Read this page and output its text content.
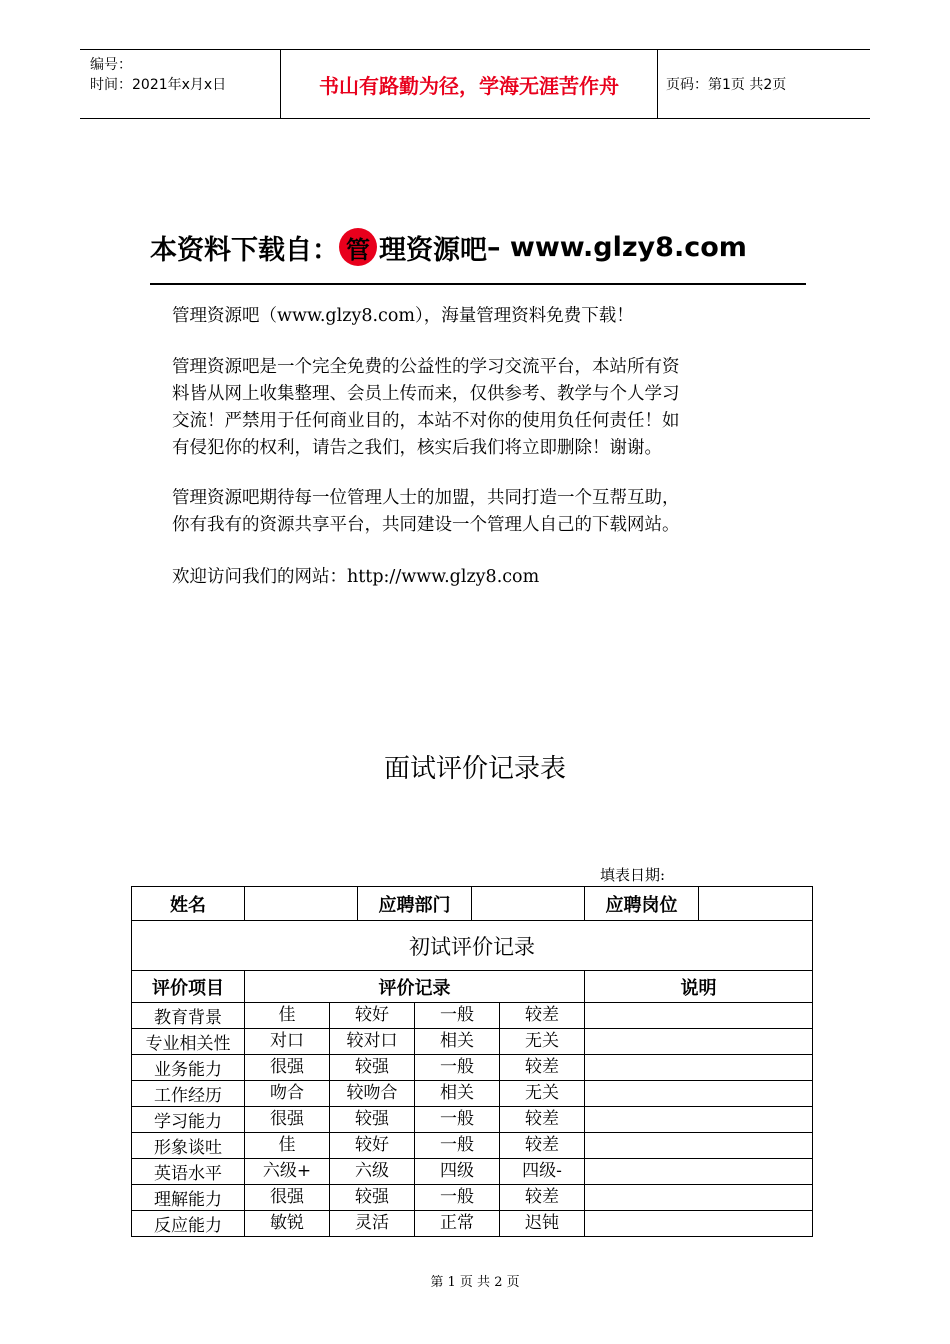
编号：
时间：2021年x月x日	书山有路勤为径，学海无涯苦作舟	页码：第1页 共2页
本资料下载自： 管 理资源吧 – www.glzy8.com
管理资源吧（www.glzy8.com），海量管理资料免费下载！
管理资源吧是一个完全免费的公益性的学习交流平台，本站所有资
料皆从网上收集整理、会员上传而来，仅供参考、教学与个人学习
交流！严禁用于任何商业目的，本站不对你的使用负任何责任！如
有侵犯你的权利，请告之我们，核实后我们将立即删除！谢谢。
管理资源吧期待每一位管理人士的加盟，共同打造一个互帮互助，
你有我有的资源共享平台，共同建设一个管理人自己的下载网站。
欢迎访问我们的网站：http://www.glzy8.com
面试评价记录表
填表日期:
姓名		应聘部门		应聘岗位	
初试评价记录					
评价项目	评价记录			说明	
教育背景	佳 较好 一般 较差				

专业相关性	对口 较对口 相关 无关				

业务能力	很强 较强 一般 较差				

工作经历	吻合 较吻合 相关 无关				

学习能力	很强 较强 一般 较差				

形象谈吐	佳 较好 一般 较差				

英语水平	六级+ 六级 四级 四级-				

理解能力	很强 较强 一般 较差				

反应能力	敏锐 灵活 正常 迟钝				

第 1 页 共 2 页
